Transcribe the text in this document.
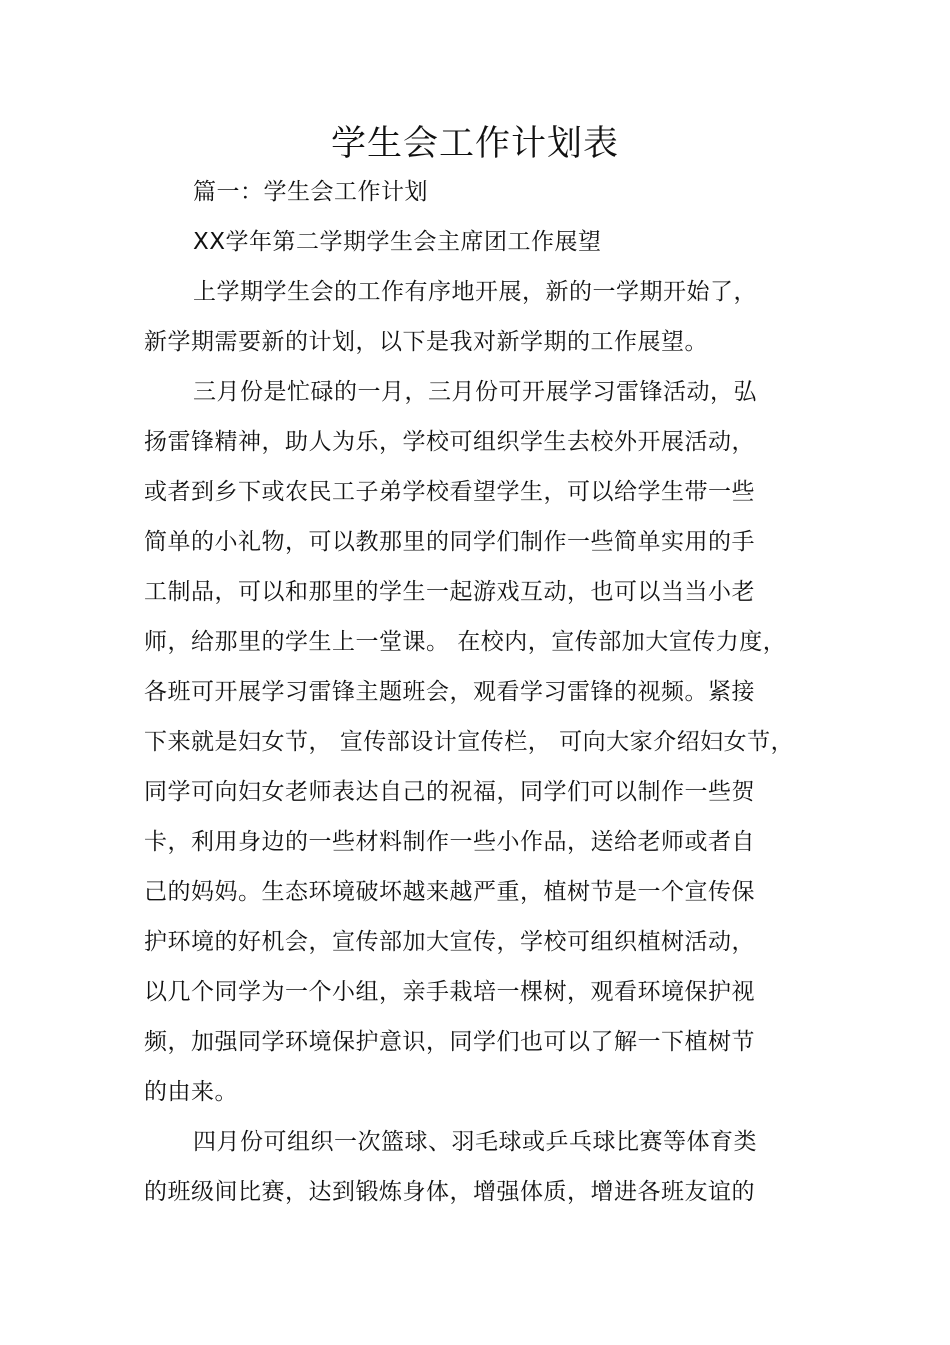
学生会工作计划表
篇一：学生会工作计划
XX学年第二学期学生会主席团工作展望
上学期学生会的工作有序地开展，新的一学期开始了，
新学期需要新的计划，以下是我对新学期的工作展望。
三月份是忙碌的一月，三月份可开展学习雷锋活动，弘
扬雷锋精神，助人为乐，学校可组织学生去校外开展活动，
或者到乡下或农民工子弟学校看望学生，可以给学生带一些
简单的小礼物，可以教那里的同学们制作一些简单实用的手
工制品，可以和那里的学生一起游戏互动，也可以当当小老
师，给那里的学生上一堂课。 在校内，宣传部加大宣传力度，
各班可开展学习雷锋主题班会，观看学习雷锋的视频。紧接
下来就是妇女节， 宣传部设计宣传栏， 可向大家介绍妇女节，
同学可向妇女老师表达自己的祝福，同学们可以制作一些贺
卡，利用身边的一些材料制作一些小作品，送给老师或者自
己的妈妈。生态环境破坏越来越严重，植树节是一个宣传保
护环境的好机会，宣传部加大宣传，学校可组织植树活动，
以几个同学为一个小组，亲手栽培一棵树，观看环境保护视
频，加强同学环境保护意识，同学们也可以了解一下植树节
的由来。
四月份可组织一次篮球、羽毛球或乒乓球比赛等体育类
的班级间比赛，达到锻炼身体，增强体质，增进各班友谊的
